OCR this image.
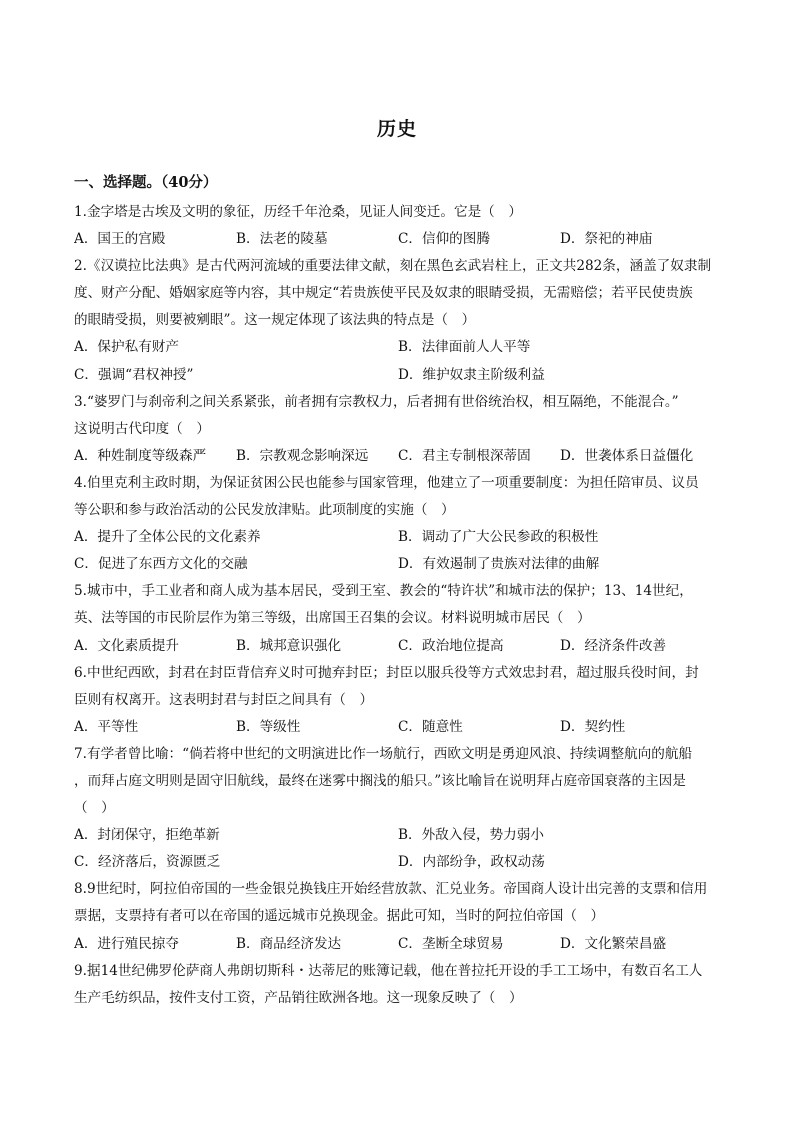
历史
一、选择题。（40分）
1.金字塔是古埃及文明的象征，历经千年沧桑，见证人间变迁。它是（　）
A．国王的宫殿	B．法老的陵墓	C．信仰的图腾	D．祭祀的神庙
2.《汉谟拉比法典》是古代两河流域的重要法律文献，刻在黑色玄武岩柱上，正文共282条，涵盖了奴隶制
度、财产分配、婚姻家庭等内容，其中规定“若贵族使平民及奴隶的眼睛受损，无需赔偿；若平民使贵族
的眼睛受损，则要被剜眼”。这一规定体现了该法典的特点是（　）
A．保护私有财产	B．法律面前人人平等
C．强调“君权神授”	D．维护奴隶主阶级利益
3.“婆罗门与刹帝利之间关系紧张，前者拥有宗教权力，后者拥有世俗统治权，相互隔绝，不能混合。”
这说明古代印度（　）
A．种姓制度等级森严	B．宗教观念影响深远	C．君主专制根深蒂固	D．世袭体系日益僵化
4.伯里克利主政时期，为保证贫困公民也能参与国家管理，他建立了一项重要制度：为担任陪审员、议员
等公职和参与政治活动的公民发放津贴。此项制度的实施（　）
A．提升了全体公民的文化素养	B．调动了广大公民参政的积极性
C．促进了东西方文化的交融	D．有效遏制了贵族对法律的曲解
5.城市中，手工业者和商人成为基本居民，受到王室、教会的“特许状”和城市法的保护；13、14世纪，
英、法等国的市民阶层作为第三等级，出席国王召集的会议。材料说明城市居民（　）
A．文化素质提升	B．城邦意识强化	C．政治地位提高	D．经济条件改善
6.中世纪西欧，封君在封臣背信弃义时可抛弃封臣；封臣以服兵役等方式效忠封君，超过服兵役时间，封
臣则有权离开。这表明封君与封臣之间具有（　）
A．平等性	B．等级性	C．随意性	D．契约性
7.有学者曾比喻：“倘若将中世纪的文明演进比作一场航行，西欧文明是勇迎风浪、持续调整航向的航船
，而拜占庭文明则是固守旧航线，最终在迷雾中搁浅的船只。”该比喻旨在说明拜占庭帝国衰落的主因是
（　）
A．封闭保守，拒绝革新	B．外敌入侵，势力弱小
C．经济落后，资源匮乏	D．内部纷争，政权动荡
8.9世纪时，阿拉伯帝国的一些金银兑换钱庄开始经营放款、汇兑业务。帝国商人设计出完善的支票和信用
票据，支票持有者可以在帝国的遥远城市兑换现金。据此可知，当时的阿拉伯帝国（　）
A．进行殖民掠夺	B．商品经济发达	C．垄断全球贸易	D．文化繁荣昌盛
9.据14世纪佛罗伦萨商人弗朗切斯科・达蒂尼的账簿记载，他在普拉托开设的手工工场中，有数百名工人
生产毛纺织品，按件支付工资，产品销往欧洲各地。这一现象反映了（　）
